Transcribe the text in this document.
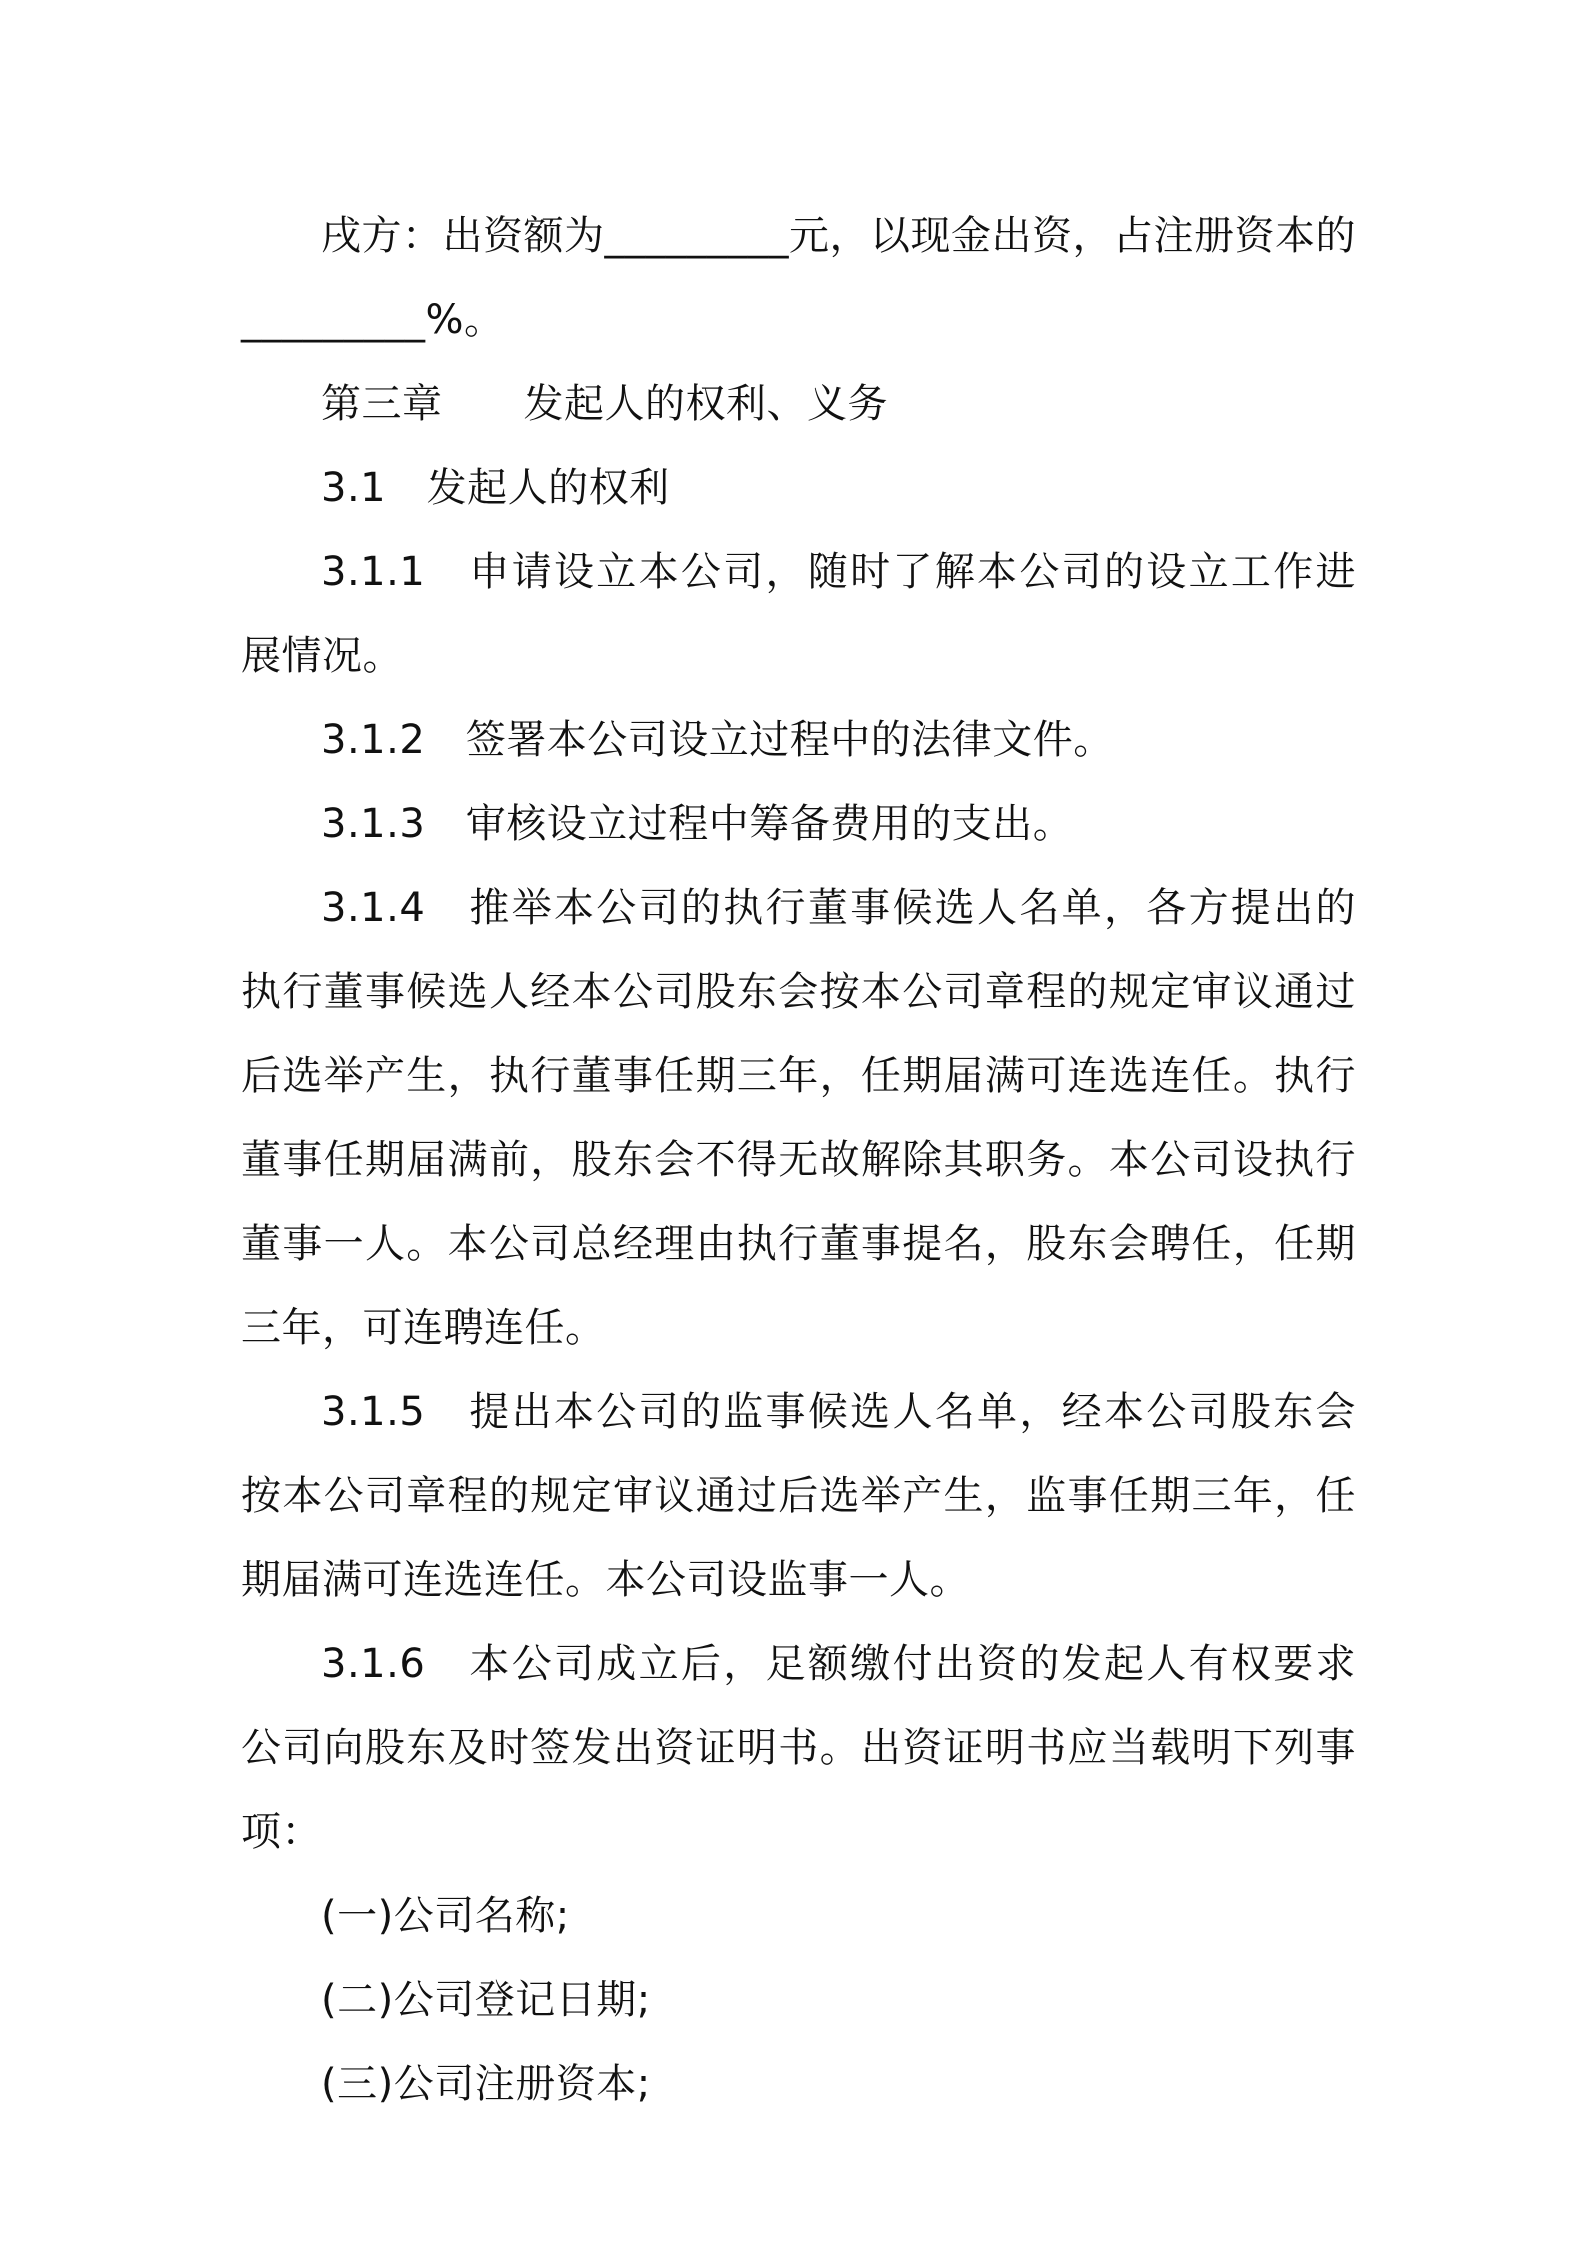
戌方：出资额为_________元，以现金出资，占注册资本的_________%。

第三章　　发起人的权利、义务

3.1　发起人的权利

3.1.1　申请设立本公司，随时了解本公司的设立工作进展情况。

3.1.2　签署本公司设立过程中的法律文件。

3.1.3　审核设立过程中筹备费用的支出。

3.1.4　推举本公司的执行董事候选人名单，各方提出的执行董事候选人经本公司股东会按本公司章程的规定审议通过后选举产生，执行董事任期三年，任期届满可连选连任。执行董事任期届满前，股东会不得无故解除其职务。本公司设执行董事一人。本公司总经理由执行董事提名，股东会聘任，任期三年，可连聘连任。

3.1.5　提出本公司的监事候选人名单，经本公司股东会按本公司章程的规定审议通过后选举产生，监事任期三年，任期届满可连选连任。本公司设监事一人。

3.1.6　本公司成立后，足额缴付出资的发起人有权要求公司向股东及时签发出资证明书。出资证明书应当载明下列事项：

(一)公司名称;

(二)公司登记日期;

(三)公司注册资本;
